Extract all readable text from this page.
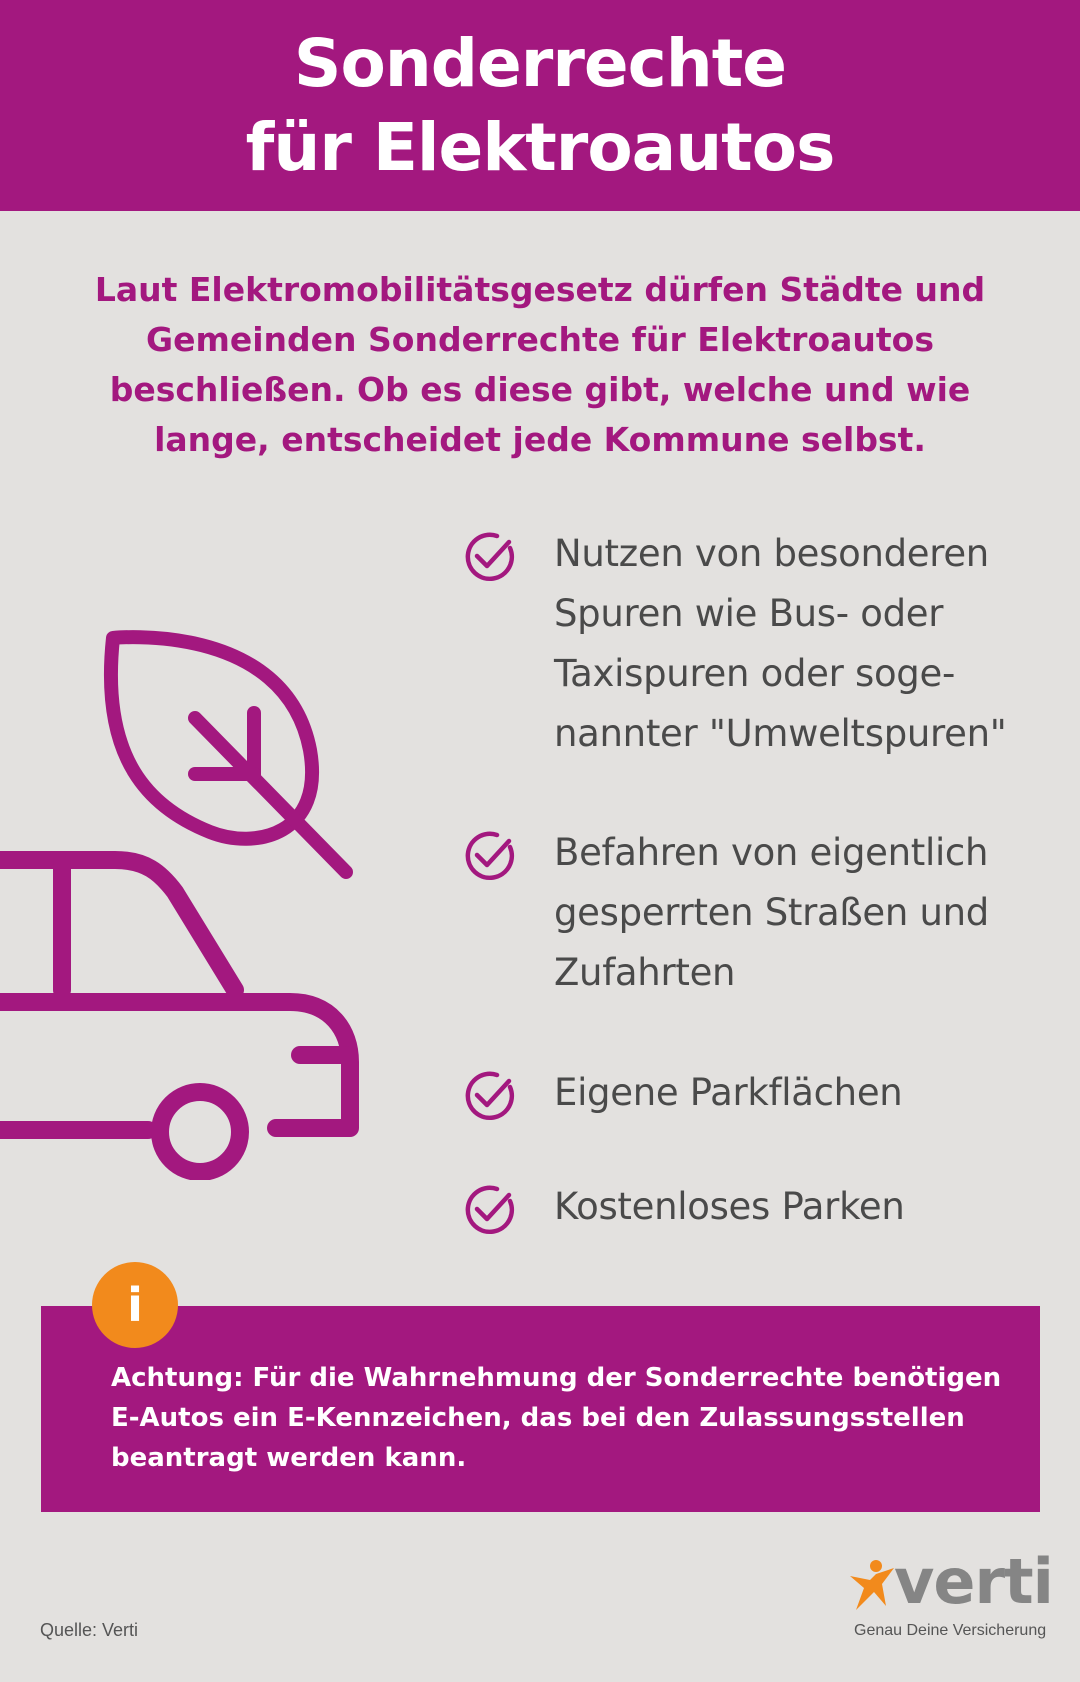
Sonderrechte
für Elektroautos
Laut Elektromobilitätsgesetz dürfen Städte und Gemeinden Sonderrechte für Elektroautos beschließen. Ob es diese gibt, welche und wie lange, entscheidet jede Kommune selbst.
Nutzen von besonderen Spuren wie Bus- oder Taxispuren oder soge-nannter "Umweltspuren"
Befahren von eigentlich gesperrten Straßen und Zufahrten
Eigene Parkflächen
Kostenloses Parken
Achtung: Für die Wahrnehmung der Sonderrechte benötigen E-Autos ein E-Kennzeichen, das bei den Zulassungsstellen beantragt werden kann.
i
Quelle: Verti
verti
Genau Deine Versicherung
